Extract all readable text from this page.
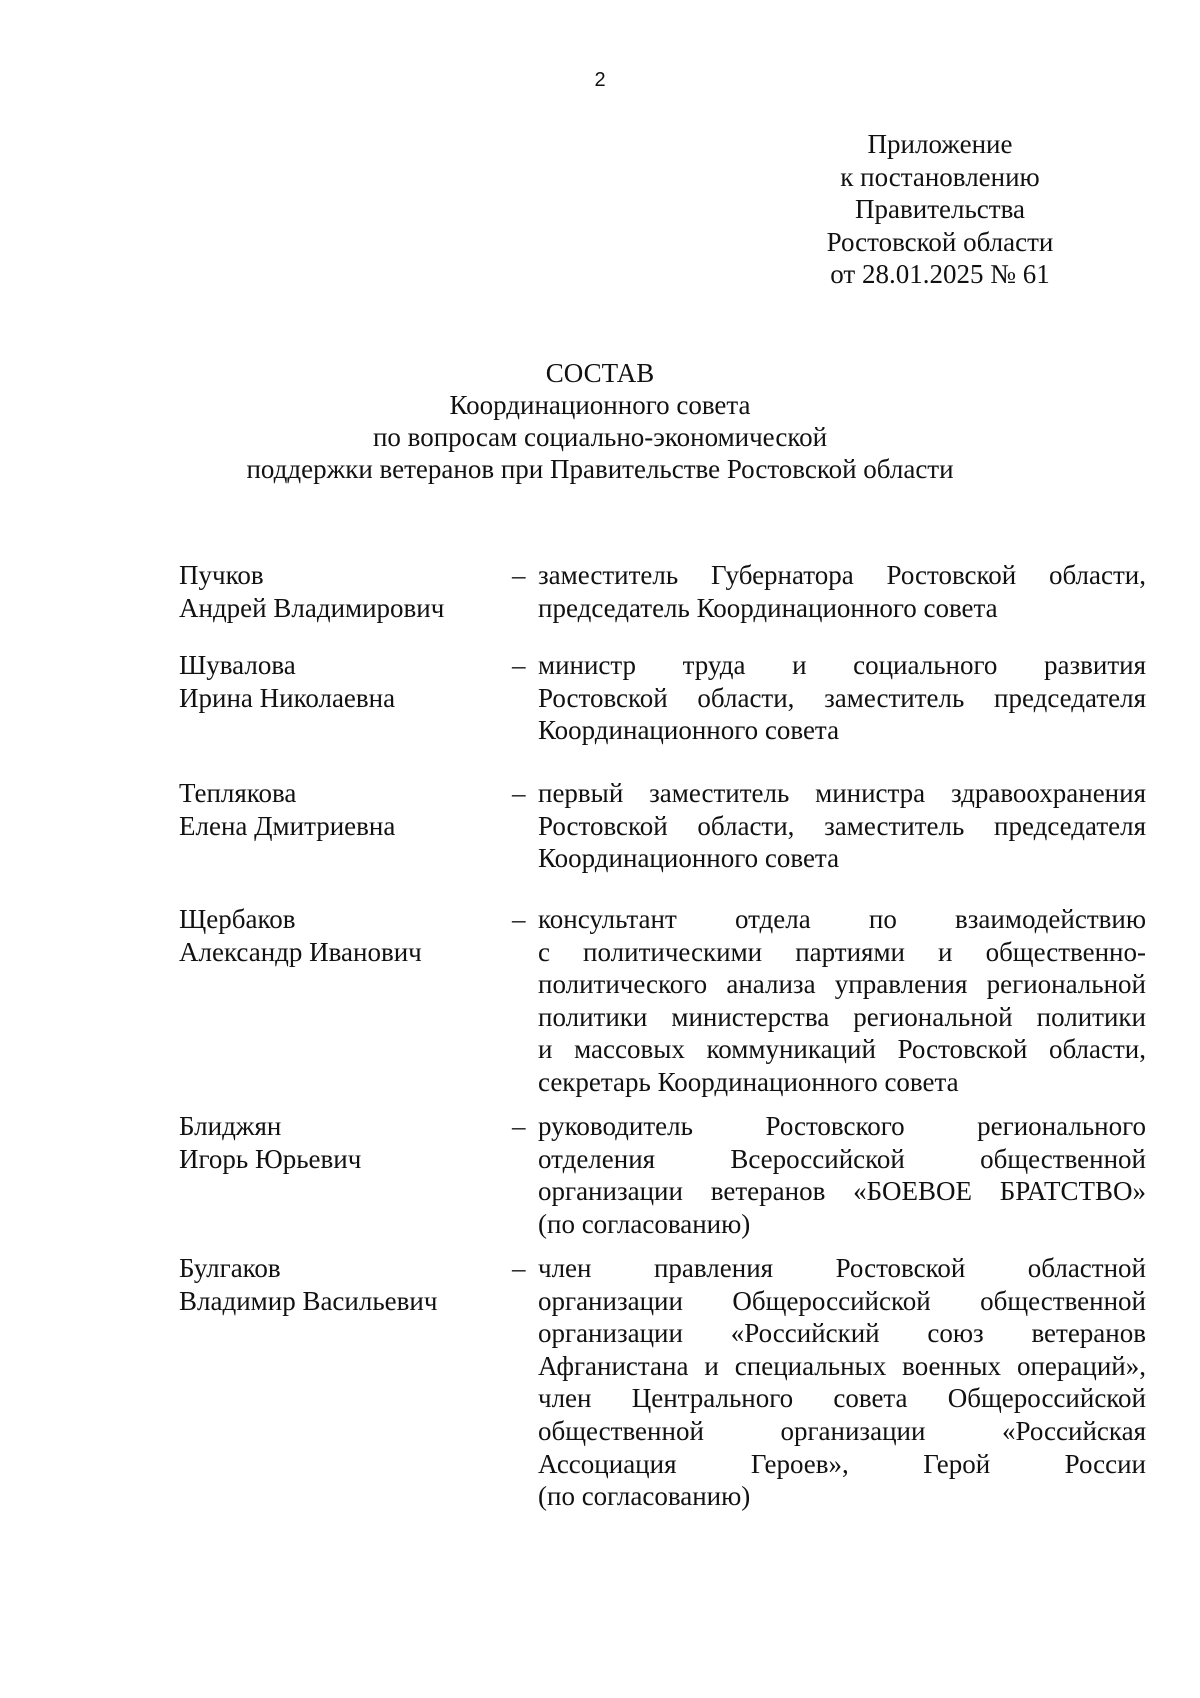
2
Приложение
к постановлению
Правительства
Ростовской области
от 28.01.2025 № 61
СОСТАВ
Координационного совета
по вопросам социально-экономической
поддержки ветеранов при Правительстве Ростовской области
Пучков
Андрей Владимирович
– заместитель Губернатора Ростовской области,
председатель Координационного совета
Шувалова
Ирина Николаевна
– министр труда и социального развития
Ростовской области, заместитель председателя
Координационного совета
Теплякова
Елена Дмитриевна
– первый заместитель министра здравоохранения
Ростовской области, заместитель председателя
Координационного совета
Щербаков
Александр Иванович
– консультант отдела по взаимодействию
с политическими партиями и общественно-
политического анализа управления региональной
политики министерства региональной политики
и массовых коммуникаций Ростовской области,
секретарь Координационного совета
Блиджян
Игорь Юрьевич
– руководитель Ростовского регионального
отделения Всероссийской общественной
организации ветеранов «БОЕВОЕ БРАТСТВО»
(по согласованию)
Булгаков
Владимир Васильевич
– член правления Ростовской областной
организации Общероссийской общественной
организации «Российский союз ветеранов
Афганистана и специальных военных операций»,
член Центрального совета Общероссийской
общественной организации «Российская
Ассоциация Героев», Герой России
(по согласованию)
